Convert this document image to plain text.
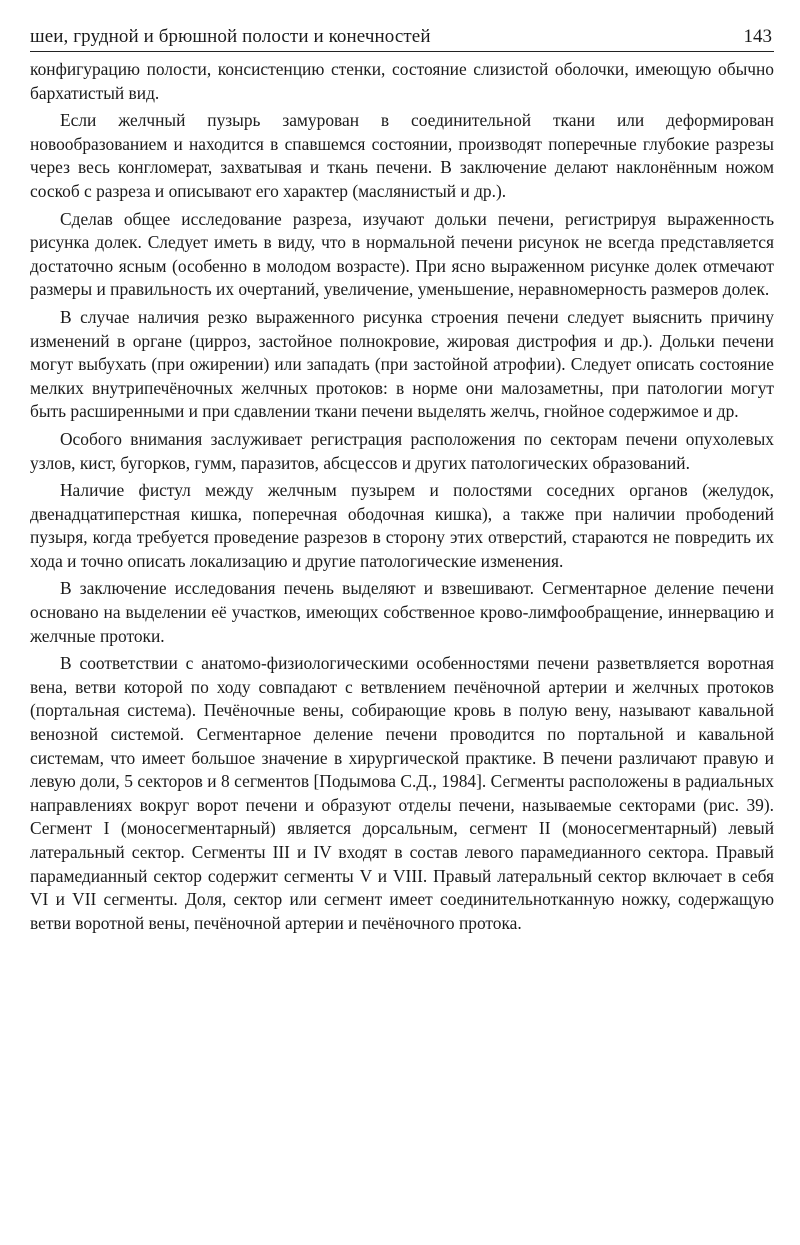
шеи, грудной и брюшной полости и конечностей	143

конфигурацию полости, консистенцию стенки, состояние слизистой оболочки, имеющую обычно бархатистый вид.

Если желчный пузырь замурован в соединительной ткани или деформирован новообразованием и находится в спавшемся состоянии, производят поперечные глубокие разрезы через весь конгломерат, захватывая и ткань печени. В заключение делают наклонённым ножом соскоб с разреза и описывают его характер (маслянистый и др.).

Сделав общее исследование разреза, изучают дольки печени, регистрируя выраженность рисунка долек. Следует иметь в виду, что в нормальной печени рисунок не всегда представляется достаточно ясным (особенно в молодом возрасте). При ясно выраженном рисунке долек отмечают размеры и правильность их очертаний, увеличение, уменьшение, неравномерность размеров долек.

В случае наличия резко выраженного рисунка строения печени следует выяснить причину изменений в органе (цирроз, застойное полнокровие, жировая дистрофия и др.). Дольки печени могут выбухать (при ожирении) или западать (при застойной атрофии). Следует описать состояние мелких внутрипечёночных желчных протоков: в норме они малозаметны, при патологии могут быть расширенными и при сдавлении ткани печени выделять желчь, гнойное содержимое и др.

Особого внимания заслуживает регистрация расположения по секторам печени опухолевых узлов, кист, бугорков, гумм, паразитов, абсцессов и других патологических образований.

Наличие фистул между желчным пузырем и полостями соседних органов (желудок, двенадцатиперстная кишка, поперечная ободочная кишка), а также при наличии прободений пузыря, когда требуется проведение разрезов в сторону этих отверстий, стараются не повредить их хода и точно описать локализацию и другие патологические изменения.

В заключение исследования печень выделяют и взвешивают. Сегментарное деление печени основано на выделении её участков, имеющих собственное крово-лимфообращение, иннервацию и желчные протоки.

В соответствии с анатомо-физиологическими особенностями печени разветвляется воротная вена, ветви которой по ходу совпадают с ветвлением печёночной артерии и желчных протоков (портальная система). Печёночные вены, собирающие кровь в полую вену, называют кавальной венозной системой. Сегментарное деление печени проводится по портальной и кавальной системам, что имеет большое значение в хирургической практике. В печени различают правую и левую доли, 5 секторов и 8 сегментов [Подымова С.Д., 1984]. Сегменты расположены в радиальных направлениях вокруг ворот печени и образуют отделы печени, называемые секторами (рис. 39). Сегмент I (моносегментарный) является дорсальным, сегмент II (моносегментарный) левый латеральный сектор. Сегменты III и IV входят в состав левого парамедианного сектора. Правый парамедианный сектор содержит сегменты V и VIII. Правый латеральный сектор включает в себя VI и VII сегменты. Доля, сектор или сегмент имеет соединительнотканную ножку, содержащую ветви воротной вены, печёночной артерии и печёночного протока.
